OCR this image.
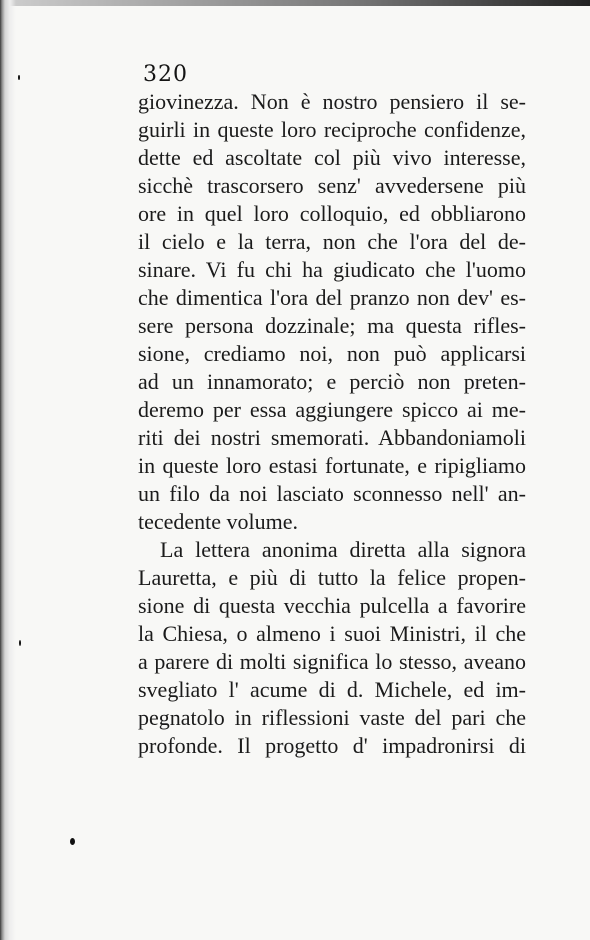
320
giovinezza. Non è nostro pensiero il se-
guirli in queste loro reciproche confidenze,
dette ed ascoltate col più vivo interesse,
sicchè trascorsero senz' avvedersene più
ore in quel loro colloquio, ed obbliarono
il cielo e la terra, non che l'ora del de-
sinare. Vi fu chi ha giudicato che l'uomo
che dimentica l'ora del pranzo non dev' es-
sere persona dozzinale; ma questa rifles-
sione, crediamo noi, non può applicarsi
ad un innamorato; e perciò non preten-
deremo per essa aggiungere spicco ai me-
riti dei nostri smemorati. Abbandoniamoli
in queste loro estasi fortunate, e ripigliamo
un filo da noi lasciato sconnesso nell' an-
tecedente volume.
La lettera anonima diretta alla signora
Lauretta, e più di tutto la felice propen-
sione di questa vecchia pulcella a favorire
la Chiesa, o almeno i suoi Ministri, il che
a parere di molti significa lo stesso, aveano
svegliato l' acume di d. Michele, ed im-
pegnatolo in riflessioni vaste del pari che
profonde. Il progetto d' impadronirsi di
